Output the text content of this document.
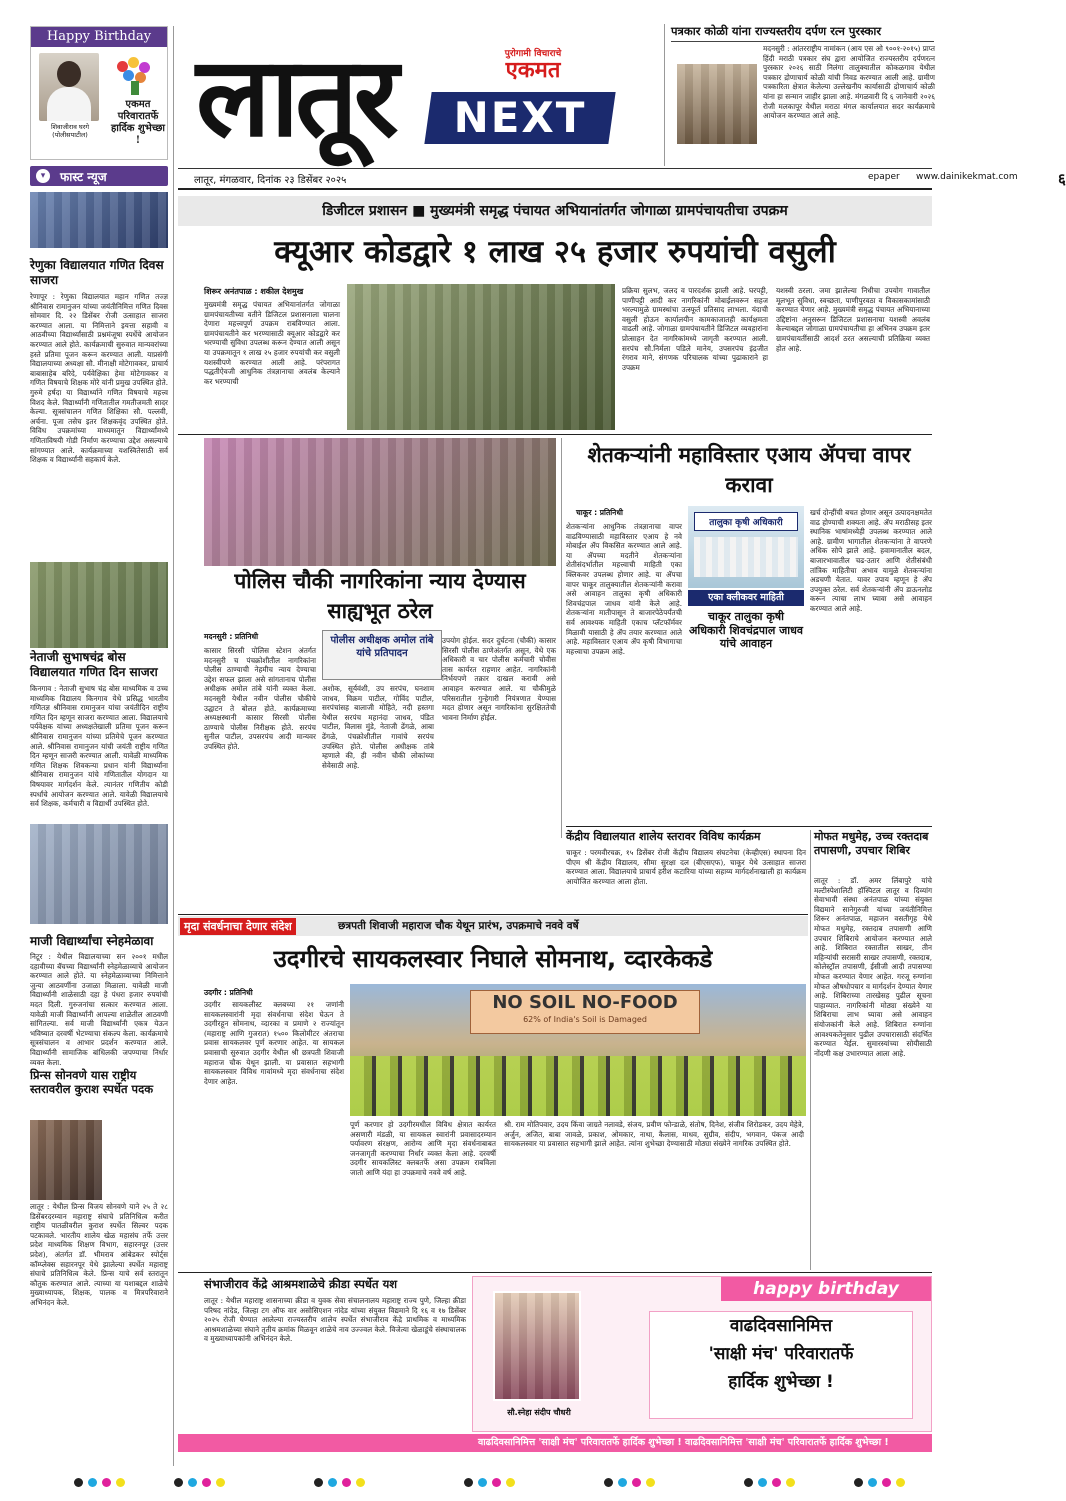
Happy Birthday
शिवाजीराव घरगे (पोलीसपाटील)
एकमत परिवारातर्फे हार्दिक शुभेच्छा !
▾	फास्ट न्यूज
रेणुका विद्यालयात गणित दिवस साजरा
रेणापूर : रेणुका विद्यालयात महान गणित तज्ज्ञ श्रीनिवास रामानुजन यांच्या जयंतीनिमित्त गणित दिवस सोमवार दि. २२ डिसेंबर रोजी उत्साहात साजरा करण्यात आला. या निमित्ताने इयत्ता सहावी व आठवीच्या विद्यार्थ्यांसाठी प्रश्नमंजूषा स्पर्धेचे आयोजन करण्यात आले होते. कार्यक्रमाची सुरुवात मान्यवरांच्या हस्ते प्रतिमा पूजन करून करण्यात आली. याप्रसंगी विद्यालयाच्या अध्यक्षा सौ. मीनाक्षी मोटेगावकर, प्राचार्य बाबासाहेब बरिदे, पर्यवेक्षिका हेमा मोटेगावकर व गणित विषयाचे शिक्षक मोरे यांनी प्रमुख उपस्थित होते. गुरुमे हर्षदा या विद्यार्थ्याने गणित विषयाचे महत्त्व विशद केले. विद्यार्थ्यांनी गणितातील गमतीजमती सादर केल्या. सूत्रसंचालन गणित शिक्षिका सौ. पल्लवी, अर्चना. पूजा तसेच इतर शिक्षकवृंद उपस्थित होते. विविध उपक्रमांच्या माध्यमातून विद्यार्थ्यांमध्ये गणिताविषयी गोडी निर्माण करण्याचा उद्देश असल्याचे सांगण्यात आले. कार्यक्रमाच्या यशस्वितेसाठी सर्व शिक्षक व विद्यार्थ्यांनी सहकार्य केले.
नेताजी सुभाषचंद्र बोस विद्यालयात गणित दिन साजरा
किनगाव : नेताजी सुभाष चंद्र बोस माध्यमिक व उच्च माध्यमिक विद्यालय किनगाव येथे प्रसिद्ध भारतीय गणितज्ञ श्रीनिवास रामानुजन यांचा जयंतीदिन राष्ट्रीय गणित दिन म्हणून साजरा करण्यात आला. विद्यालयाचे पर्यवेक्षक यांच्या अध्यक्षतेखाली प्रतिमा पूजन करून श्रीनिवास रामानुजन यांच्या प्रतिमेचे पूजन करण्यात आले. श्रीनिवास रामानुजन यांची जयंती राष्ट्रीय गणित दिन म्हणून साजरी करण्यात आली. यावेळी माध्यमिक गणित शिक्षक शिवकन्या प्रधान यांनी विद्यार्थ्यांना श्रीनिवास रामानुजन यांचे गणितातील योगदान या विषयावर मार्गदर्शन केले. त्यानंतर गणितीय कोडी स्पर्धांचे आयोजन करण्यात आले. यावेळी विद्यालयाचे सर्व शिक्षक, कर्मचारी व विद्यार्थी उपस्थित होते.
माजी विद्यार्थ्यांचा स्नेहमेळावा
निटूर : येथील विद्यालयाच्या सन २००१ मधील दहावीच्या बॅचच्या विद्यार्थ्यांनी स्नेहमेळाव्याचे आयोजन करण्यात आले होते. या स्नेहमेळाव्याच्या निमित्ताने जुन्या आठवणींना उजाळा मिळाला. यावेळी माजी विद्यार्थ्यांनी शाळेसाठी दहा हे पंधरा हजार रुपयांची मदत दिली. गुरुजनांचा सत्कार करण्यात आला. यावेळी माजी विद्यार्थ्यांनी आपल्या शाळेतील आठवणी सांगितल्या. सर्व माजी विद्यार्थ्यांनी एकत्र येऊन भविष्यात दरवर्षी भेटण्याचा संकल्प केला. कार्यक्रमाचे सूत्रसंचालन व आभार प्रदर्शन करण्यात आले. विद्यार्थ्यांनी सामाजिक बांधिलकी जपण्याचा निर्धार व्यक्त केला.
प्रिन्स सोनवणे यास राष्ट्रीय स्तरावरील कुराश स्पर्धेत पदक
लातूर : येथील प्रिन्स विजय सोनवणे याने २५ ते २८ डिसेंबरदरम्यान महाराष्ट्र संघाचे प्रतिनिधित्व करीत राष्ट्रीय पातळीवरील कुराश स्पर्धेत सिल्वर पदक पटकावले. भारतीय शालेय खेळ महासंघ तर्फे उत्तर प्रदेश माध्यमिक शिक्षण विभाग, सहारनपूर (उत्तर प्रदेश), अंतर्गत डॉ. भीमराव आंबेडकर स्पोर्ट्स कॉम्प्लेक्स सहारनपूर येथे झालेल्या स्पर्धेत महाराष्ट्र संघाचे प्रतिनिधित्व केले. प्रिन्स याचे सर्व स्तरातून कौतुक करण्यात आले. त्याच्या या यशाबद्दल शाळेचे मुख्याध्यापक, शिक्षक, पालक व मित्रपरिवाराने अभिनंदन केले.
लातूर	पुरोगामी विचाराचे
एकमत
NEXT
लातूर, मंगळवार, दिनांक २३ डिसेंबर २०२५	epaper www.dainikekmat.com	६
पत्रकार कोळी यांना राज्यस्तरीय दर्पण रत्न पुरस्कार
मदनसुरी : आंतरराष्ट्रीय नामांकन (आय एस ओ ९००१-२०१५) प्राप्त हिंदी मराठी पत्रकार संघ द्वारा आयोजित राज्यस्तरीय दर्पणरत्न पुरस्कार २०२६ साठी निलंगा तालुक्यातील कोकळगाव येथील पत्रकार द्रोणाचार्य कोळी यांची निवड करण्यात आली आहे. ग्रामीण पत्रकारिता क्षेत्रात केलेल्या उल्लेखनीय कार्यासाठी द्रोणाचार्य कोळी यांना हा सन्मान जाहीर झाला आहे. मंगळवारी दि ६ जानेवारी २०२६ रोजी मलकापूर येथील मराठा मंगल कार्यालयात सदर कार्यक्रमाचे आयोजन करण्यात आले आहे.
डिजीटल प्रशासन ■ मुख्यमंत्री समृद्ध पंचायत अभियानांतर्गत जोगाळा ग्रामपंचायतीचा उपक्रम
क्यूआर कोडद्वारे १ लाख २५ हजार रुपयांची वसुली
शिरूर अनंतपाळ : शकील देशमुख
मुख्यमंत्री समृद्ध पंचायत अभियानांतर्गत जोगाळा ग्रामपंचायतीच्या वतीने डिजिटल प्रशासनाला चालना देणारा महत्त्वपूर्ण उपक्रम राबविण्यात आला. ग्रामपंचायतीने कर भरण्यासाठी क्यूआर कोडद्वारे कर भरण्याची सुविधा उपलब्ध करून देण्यात आली असून या उपक्रमातून १ लाख २५ हजार रुपयांची कर वसुली यशस्वीपणे करण्यात आली आहे. परंपरागत पद्धतीऐवजी आधुनिक तंत्रज्ञानाचा अवलंब केल्याने कर भरण्याची
प्रक्रिया सुलभ, जलद व पारदर्शक झाली आहे. घरपट्टी, पाणीपट्टी आदी कर नागरिकांनी मोबाईलवरून सहज भरल्यामुळे ग्रामस्थांचा उत्स्फूर्त प्रतिसाद लाभला. यंदाची वसुली होऊन कार्यालयीन कामकाजातही कार्यक्षमता वाढली आहे. जोगाळा ग्रामपंचायतीने डिजिटल व्यवहारांना प्रोत्साहन देत नागरिकांमध्ये जागृती करण्यात आली. सरपंच सौ.निर्मला पडिले मानेय, उपसरपंच इंद्रजीत रंगराव माने, संगणक परिचालक यांच्या पुढाकाराने हा उपक्रम
यशस्वी ठरला. जमा झालेल्या निधीचा उपयोग गावातील मूलभूत सुविधा, स्वच्छता, पाणीपुरवठा व विकासकामांसाठी करण्यात येणार आहे. मुख्यमंत्री समृद्ध पंचायत अभियानाच्या उद्दिष्टांना अनुसरून डिजिटल प्रशासनाचा यशस्वी अवलंब केल्याबद्दल जोगाळा ग्रामपंचायतीचा हा अभिनव उपक्रम इतर ग्रामपंचायतींसाठी आदर्श ठरत असल्याची प्रतिक्रिया व्यक्त होत आहे.
पोलिस चौकी नागरिकांना न्याय देण्यास साह्यभूत ठरेल
मदनसुरी : प्रतिनिधी	पोलीस अधीक्षक अमोल तांबे यांचे प्रतिपादन
कासार सिरसी पोलिस स्टेशन अंतर्गत मदनसुरी च पंचक्रोशीतील नागरिकांना पोलीस ठाण्याची नेहमीच न्याय देण्याचा उद्देश सफल झाला असे सांगतानाच पोलीस अधीक्षक अमोल तांबे यांनी व्यक्त केला. मदनसुरी येथील नवीन पोलीस चौकीचे उद्घाटन ते बोलत होते. कार्यक्रमाच्या अध्यक्षस्थानी कासार सिरसी पोलीस ठाण्याचे पोलीस निरीक्षक होते. सरपंच सुनील पाटील, उपसरपंच आदी मान्यवर उपस्थित होते.
अशोक, सूर्यवंशी, उप सरपंच, घनशाम जाधव, विक्रम पाटील, गोविंद पाटील, सरपंचांसह बालाजी मोहिते, नदी हस्तगा येथील सरपंच महानंदा जाधव, पंडित पाटील, विलास मुंडे, नेताजी ढेंगळे, आबा ढेंगळे, पंचक्रोशीतील गावांचे सरपंच उपस्थित होते. पोलीस अधीक्षक तांबे म्हणाले की, ही नवीन चौकी लोकांच्या सेवेसाठी आहे.
उपयोग होईल. सदर दुर्घटना (चौकी) कासार सिरसी पोलीस ठाणेअंतर्गत असून, येथे एक अधिकारी व चार पोलीस कर्मचारी चोवीस तास कार्यरत राहणार आहेत. नागरिकांनी निर्भयपणे तक्रार दाखल करावी असे आवाहन करण्यात आले. या चौकीमुळे परिसरातील गुन्हेगारी नियंत्रणात येण्यास मदत होणार असून नागरिकांना सुरक्षिततेची भावना निर्माण होईल.
शेतकऱ्यांनी महाविस्तार एआय ॲपचा वापर करावा
चाकूर : प्रतिनिधी
शेतकऱ्यांना आधुनिक तंत्रज्ञानाचा वापर वाढविण्यासाठी महाविस्तार एआय हे नवे मोबाईल ॲप विकसित करण्यात आले आहे. या ॲपच्या मदतीने शेतकऱ्यांना शेतीसंदर्भातील महत्त्वाची माहिती एका क्लिकवर उपलब्ध होणार आहे. या ॲपचा वापर चाकूर तालुक्यातील शेतकऱ्यांनी करावा असे आवाहन तालुका कृषी अधिकारी शिवचंद्रपाल जाधव यांनी केले आहे. शेतकऱ्यांना मातीपासून ते बाजारपेठेपर्यंतची सर्व आवश्यक माहिती एकाच प्लॅटफॉर्मवर मिळावी यासाठी हे ॲप तयार करण्यात आले आहे. महाविस्तार एआय ॲप कृषी विभागाचा महत्त्वाचा उपक्रम आहे.
तालुका कृषी अधिकारी
एका क्लीकवर माहिती
चाकूर तालुका कृषी अधिकारी शिवचंद्रपाल जाधव यांचे आवाहन
खर्च दोन्हींची बचत होणार असून उत्पादनक्षमतेत वाढ होण्याची शक्यता आहे. ॲप मराठीसह इतर स्थानिक भाषांमध्येही उपलब्ध करण्यात आले आहे. ग्रामीण भागातील शेतकऱ्यांना ते वापरणे अधिक सोपे झाले आहे. हवामानातील बदल, बाजारभावातील चढ-उतार आणि शेतीसंबंधी तांत्रिक माहितीचा अभाव यामुळे शेतकऱ्यांना अडचणी येतात. यावर उपाय म्हणून हे ॲप उपयुक्त ठरेल. सर्व शेतकऱ्यांनी ॲप डाऊनलोड करून त्याचा लाभ घ्यावा असे आवाहन करण्यात आले आहे.
केंद्रीय विद्यालयात शालेय स्तरावर विविध कार्यक्रम
चाकूर : परमवीरचक्र, १५ डिसेंबर रोजी केंद्रीय विद्यालय संघटनेचा (केव्हीएस) स्थापना दिन पीएम श्री केंद्रीय विद्यालय, सीमा सुरक्षा दल (बीएसएफ), चाकूर येथे उत्साहात साजरा करण्यात आला. विद्यालयाचे प्राचार्य हरीश कटारिया यांच्या सहाय्य मार्गदर्शनाखाली हा कार्यक्रम आयोजित करण्यात आला होता.
मोफत मधुमेह, उच्च रक्तदाब तपासणी, उपचार शिबिर
लातूर : डॉ. अमर लिंबापुरे यांचे मल्टीस्पेशालिटी हॉस्पिटल लातूर व दिव्यांग सेवाभावी संस्था अनंतपाळ यांच्या संयुक्त विद्यमाने सानेगुरुजी यांच्या जयंतीनिमित्त शिरूर अनंतपाळ, महाजन वसतीगृह येथे मोफत मधुमेह, रक्तदाब तपासणी आणि उपचार शिबिराचे आयोजन करण्यात आले आहे. शिबिरात रक्तातील साखर, तीन महिन्यांची सरासरी साखर तपासणी, रक्तदाब, कोलेस्ट्रॉल तपासणी, ईसीजी आदी तपासण्या मोफत करण्यात येणार आहेत. गरजू रुग्णांना मोफत औषधोपचार व मार्गदर्शन देण्यात येणार आहे. शिबिराच्या तारखेसह पुढील सूचना पाहाव्यात. नागरिकांनी मोठ्या संख्येने या शिबिराचा लाभ घ्यावा असे आवाहन संयोजकांनी केले आहे. शिबिरात रुग्णांना आवश्यकतेनुसार पुढील उपचारासाठी संदर्भित करण्यात येईल. सुमारस्यांच्या सोयीसाठी नोंदणी कक्ष उभारण्यात आला आहे.
मृदा संवर्धनाचा देणार संदेश	छत्रपती शिवाजी महाराज चौक येथून प्रारंभ, उपक्रमाचे नववे वर्षे
उदगीरचे सायकलस्वार निघाले सोमनाथ, व्दारकेकडे
उदगीर : प्रतिनिधी
उदगीर सायकलीस्ट क्लबच्या २१ जणांनी सायकलस्वारांनी मृदा संवर्धनाचा संदेश घेऊन ते उदगीरहून सोमनाथ, व्दारका व प्रमाणे २ राज्यांतून (महाराष्ट्र आणि गुजरात) १५०० किलोमीटर अंतराचा प्रवास सायकलवर पूर्ण करणार आहेत. या सायकल प्रवासाची सुरुवात उदगीर येथील श्री छत्रपती शिवाजी महाराज चौक येथून झाली. या प्रवासात सहभागी सायकलस्वार विविध गावांमध्ये मृदा संवर्धनाचा संदेश देणार आहेत.
NO SOIL NO-FOOD
62% of India's Soil is Damaged
पूर्ण करणार हो उदगीरमधील विविध क्षेत्रात कार्यरत असणारी मंडळी, या सायकल स्वारांनी प्रवासादरम्यान पर्यावरण संरक्षण, आरोग्य आणि मृदा संवर्धनाबाबत जनजागृती करण्याचा निर्धार व्यक्त केला आहे. दरवर्षी उदगीर सायकलिस्ट क्लबतर्फे असा उपक्रम राबविला जातो आणि यंदा हा उपक्रमाचे नववे वर्ष आहे.
श्री. राम मोतिपवार, उदय किंवा जाग्रते नलावडे, संजय, प्रवीण फोन्डाळे, संतोष, दिनेश, संजीव शिरोडकर, उदय मेहेत्रे, अर्जुन, अजित, बाबा जावळे, प्रकाश, ओमकार, नाथा, कैलास, माधव, सुग्रीव, संदीप, भगवान, पंकज आदी सायकलस्वार या प्रवासात सहभागी झाले आहेत. त्यांना शुभेच्छा देण्यासाठी मोठ्या संख्येने नागरिक उपस्थित होते.
संभाजीराव केंद्रे आश्रमशाळेचे क्रीडा स्पर्धेत यश
लातूर : येथील महाराष्ट्र शासनाच्या क्रीडा व युवक सेवा संचालनालय महाराष्ट्र राज्य पुणे, जिल्हा क्रीडा परिषद नांदेड, जिल्हा टग ऑफ वार असोसिएशन नांदेड यांच्या संयुक्त विद्यमाने दि १६ व १७ डिसेंबर २०२५ रोजी घेण्यात आलेल्या राज्यस्तरीय शालेय स्पर्धेत संभाजीराव केंद्रे प्राथमिक व माध्यमिक आश्रमशाळेच्या संघाने तृतीय क्रमांक मिळवून शाळेचे नाव उज्ज्वल केले. विजेत्या खेळाडूंचे संस्थाचालक व मुख्याध्यापकांनी अभिनंदन केले.
happy birthday
सौ.स्नेहा संदीप चौधरी
वाढदिवसानिमित्त
'साक्षी मंच' परिवारातर्फे
हार्दिक शुभेच्छा !
वाढदिवसानिमित्त 'साक्षी मंच' परिवारातर्फे हार्दिक शुभेच्छा ! वाढदिवसानिमित्त 'साक्षी मंच' परिवारातर्फे हार्दिक शुभेच्छा !
